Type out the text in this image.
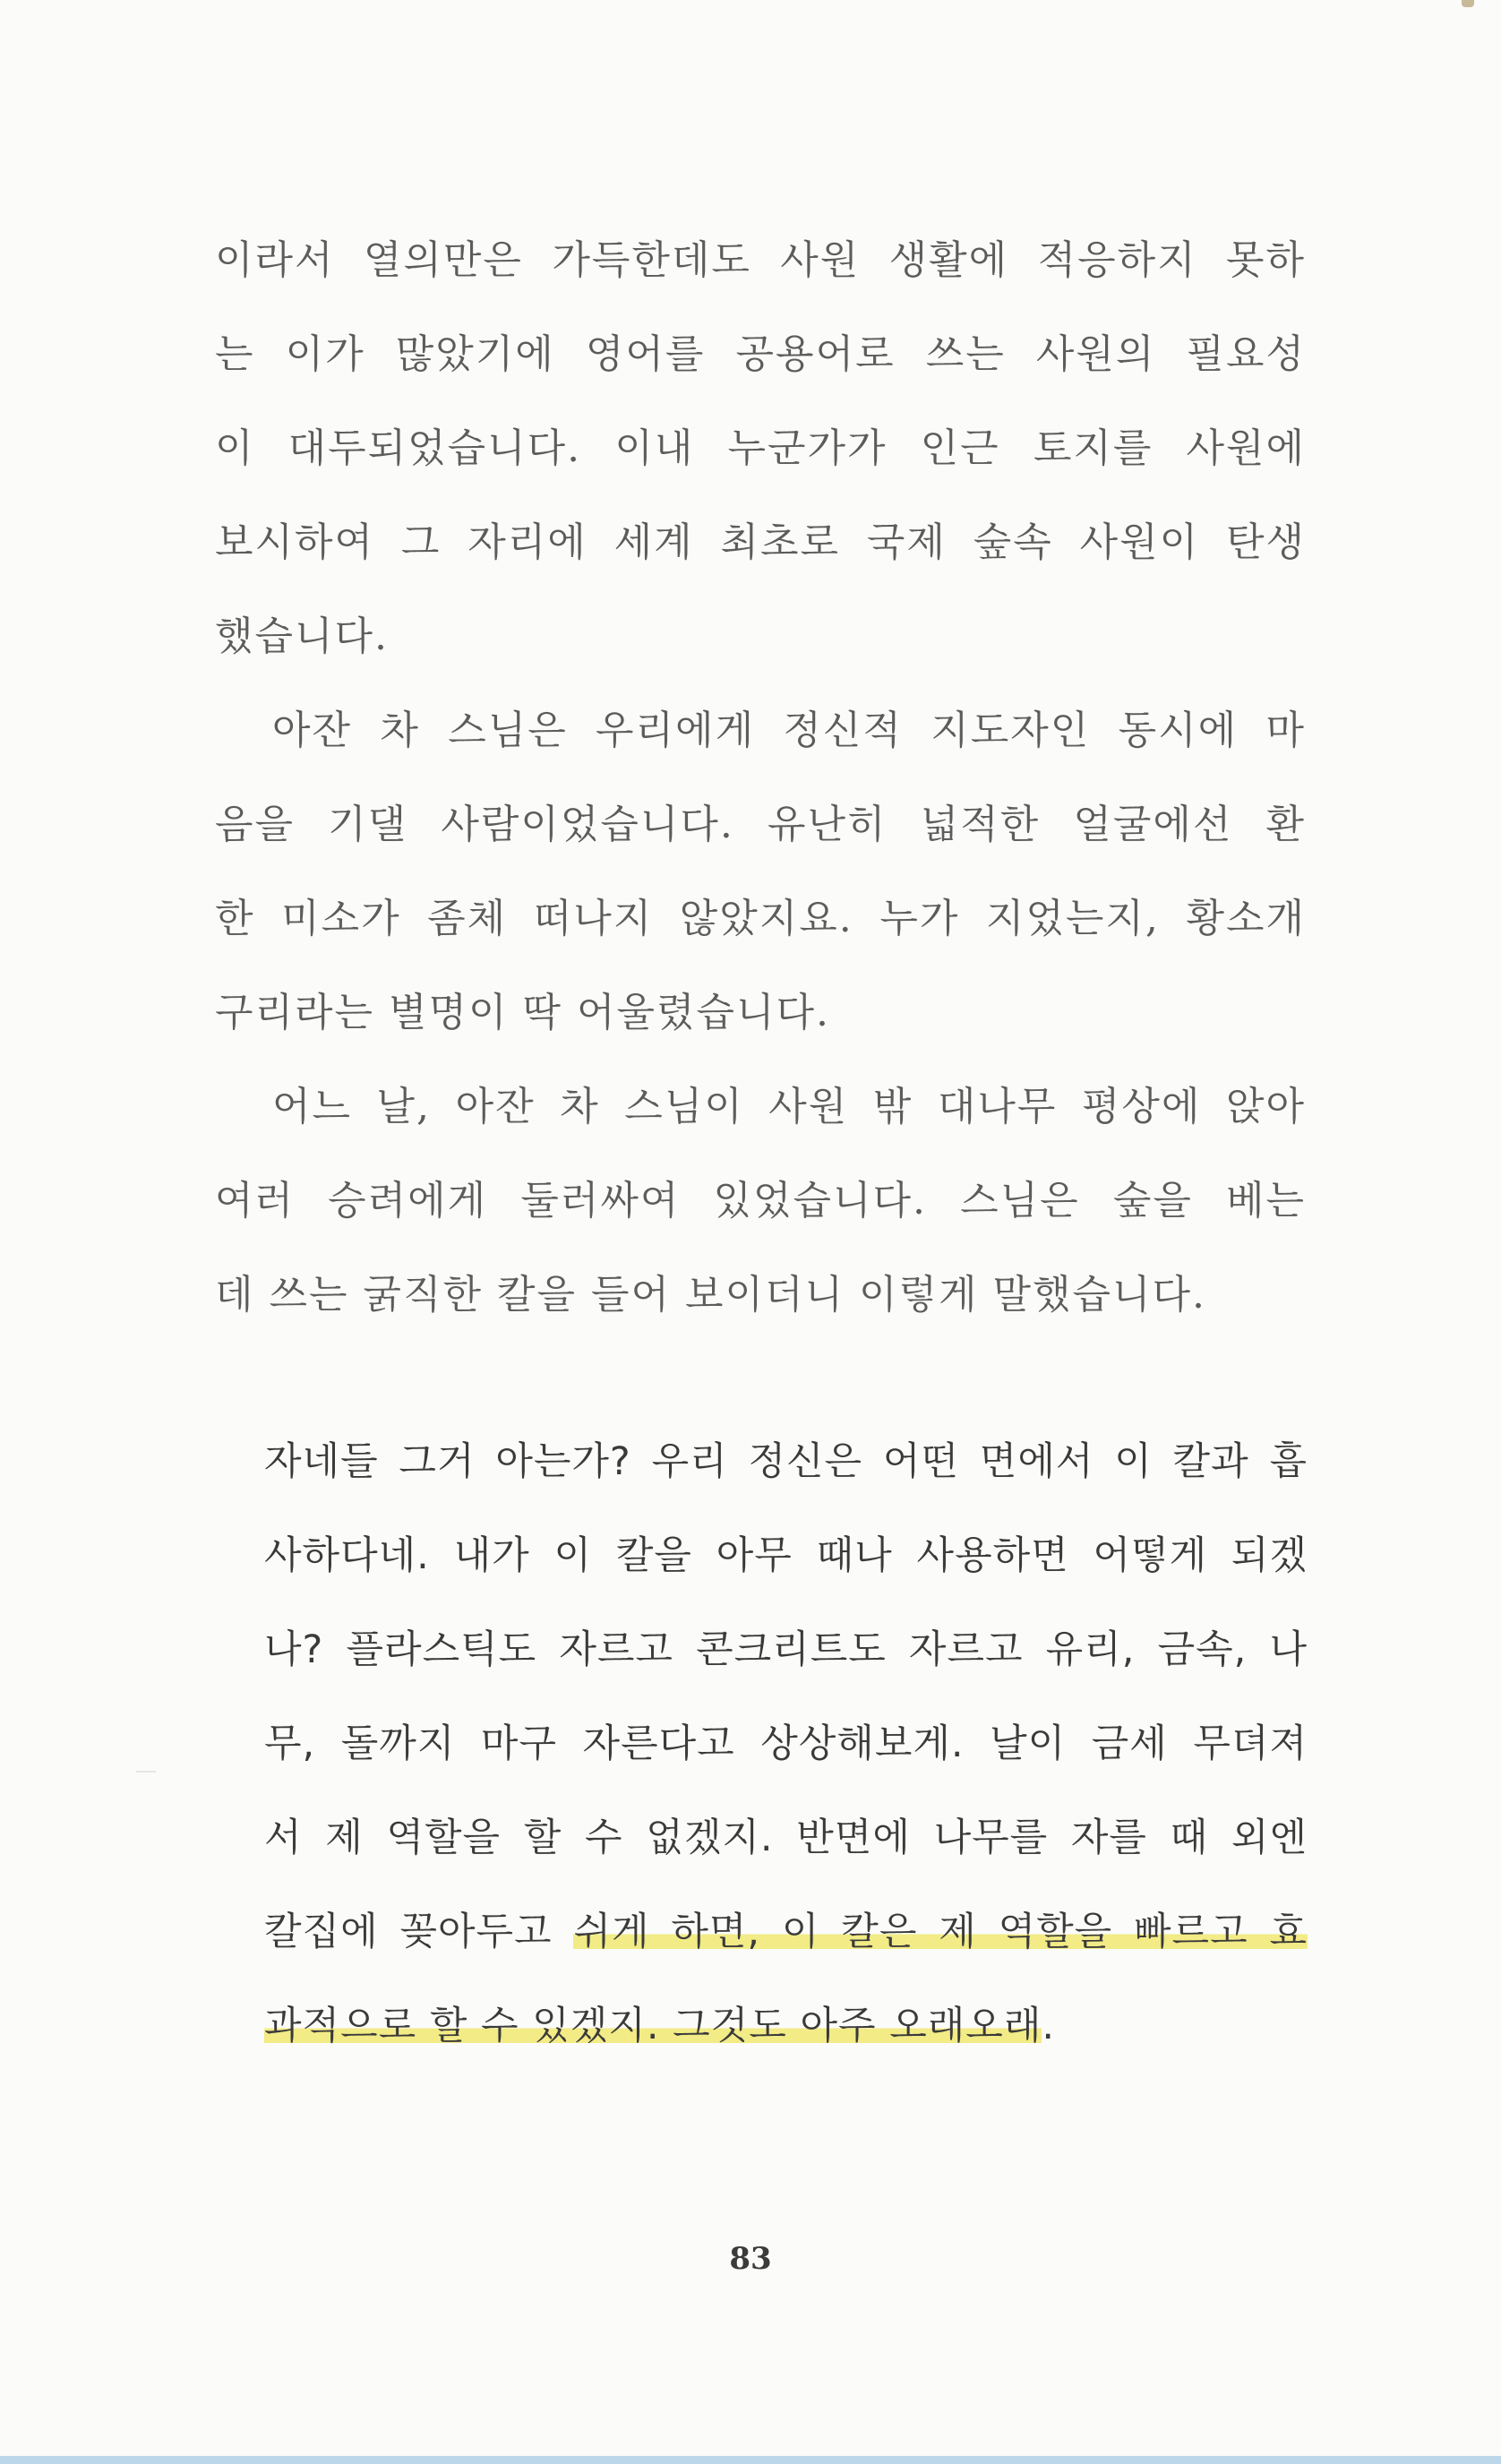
이라서 열의만은 가득한데도 사원 생활에 적응하지 못하
는 이가 많았기에 영어를 공용어로 쓰는 사원의 필요성
이 대두되었습니다. 이내 누군가가 인근 토지를 사원에
보시하여 그 자리에 세계 최초로 국제 숲속 사원이 탄생
했습니다.
아잔 차 스님은 우리에게 정신적 지도자인 동시에 마
음을 기댈 사람이었습니다. 유난히 넓적한 얼굴에선 환
한 미소가 좀체 떠나지 않았지요. 누가 지었는지, 황소개
구리라는 별명이 딱 어울렸습니다.
어느 날, 아잔 차 스님이 사원 밖 대나무 평상에 앉아
여러 승려에게 둘러싸여 있었습니다. 스님은 숲을 베는
데 쓰는 굵직한 칼을 들어 보이더니 이렇게 말했습니다.
자네들 그거 아는가? 우리 정신은 어떤 면에서 이 칼과 흡
사하다네. 내가 이 칼을 아무 때나 사용하면 어떻게 되겠
나? 플라스틱도 자르고 콘크리트도 자르고 유리, 금속, 나
무, 돌까지 마구 자른다고 상상해보게. 날이 금세 무뎌져
서 제 역할을 할 수 없겠지. 반면에 나무를 자를 때 외엔
칼집에 꽂아두고 쉬게 하면, 이 칼은 제 역할을 빠르고 효
과적으로 할 수 있겠지. 그것도 아주 오래오래.
83
